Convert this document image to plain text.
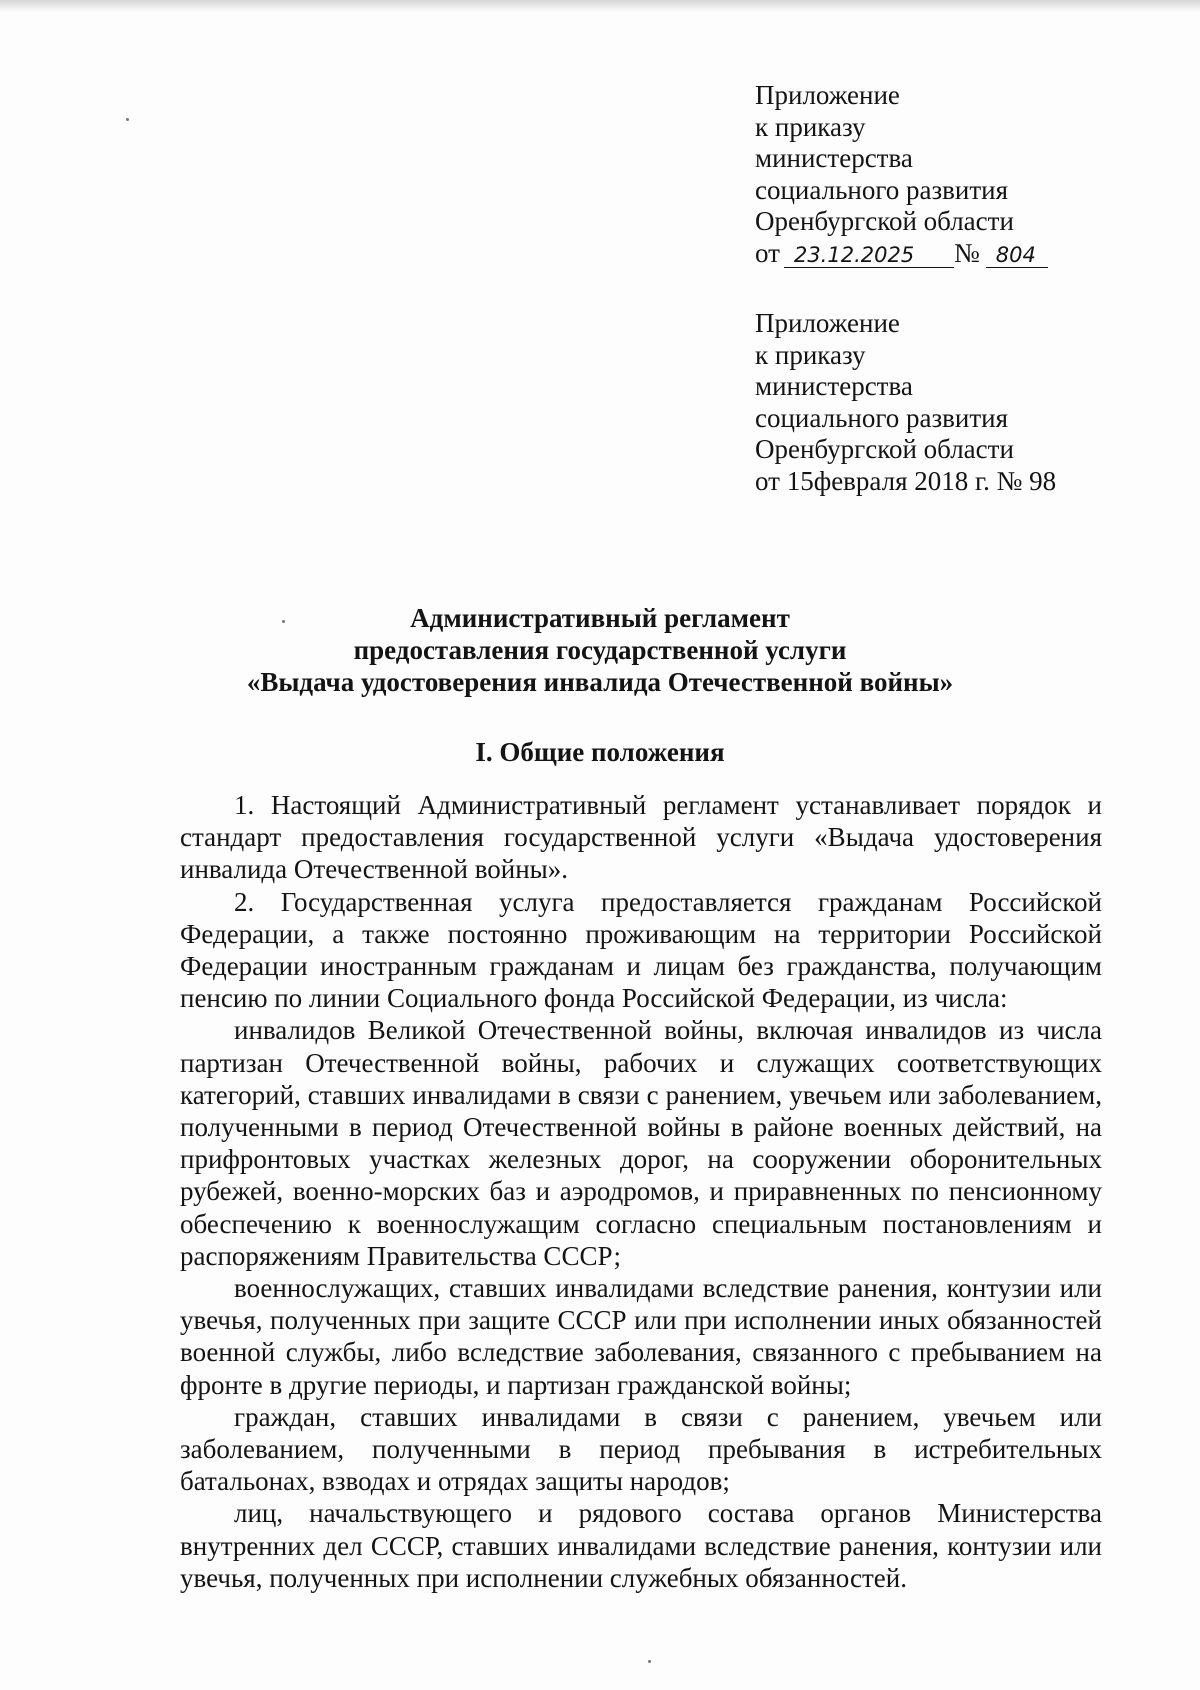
Приложение
к приказу
министерства
социального развития
Оренбургской области
от 23.12.2025 № 804
Приложение
к приказу
министерства
социального развития
Оренбургской области
от 15февраля 2018 г. № 98
Административный регламент
предоставления государственной услуги
«Выдача удостоверения инвалида Отечественной войны»
I. Общие положения

1. Настоящий Административный регламент устанавливает порядок и стандарт предоставления государственной услуги «Выдача удостоверения инвалида Отечественной войны».

2. Государственная услуга предоставляется гражданам Российской Федерации, а также постоянно проживающим на территории Российской Федерации иностранным гражданам и лицам без гражданства, получающим пенсию по линии Социального фонда Российской Федерации, из числа:

инвалидов Великой Отечественной войны, включая инвалидов из числа партизан Отечественной войны, рабочих и служащих соответствующих категорий, ставших инвалидами в связи с ранением, увечьем или заболеванием, полученными в период Отечественной войны в районе военных действий, на прифронтовых участках железных дорог, на сооружении оборонительных рубежей, военно-морских баз и аэродромов, и приравненных по пенсионному обеспечению к военнослужащим согласно специальным постановлениям и распоряжениям Правительства СССР;

военнослужащих, ставших инвалидами вследствие ранения, контузии или увечья, полученных при защите СССР или при исполнении иных обязанностей военной службы, либо вследствие заболевания, связанного с пребыванием на фронте в другие периоды, и партизан гражданской войны;

граждан, ставших инвалидами в связи с ранением, увечьем или заболеванием, полученными в период пребывания в истребительных батальонах, взводах и отрядах защиты народов;

лиц, начальствующего и рядового состава органов Министерства внутренних дел СССР, ставших инвалидами вследствие ранения, контузии или увечья, полученных при исполнении служебных обязанностей.
